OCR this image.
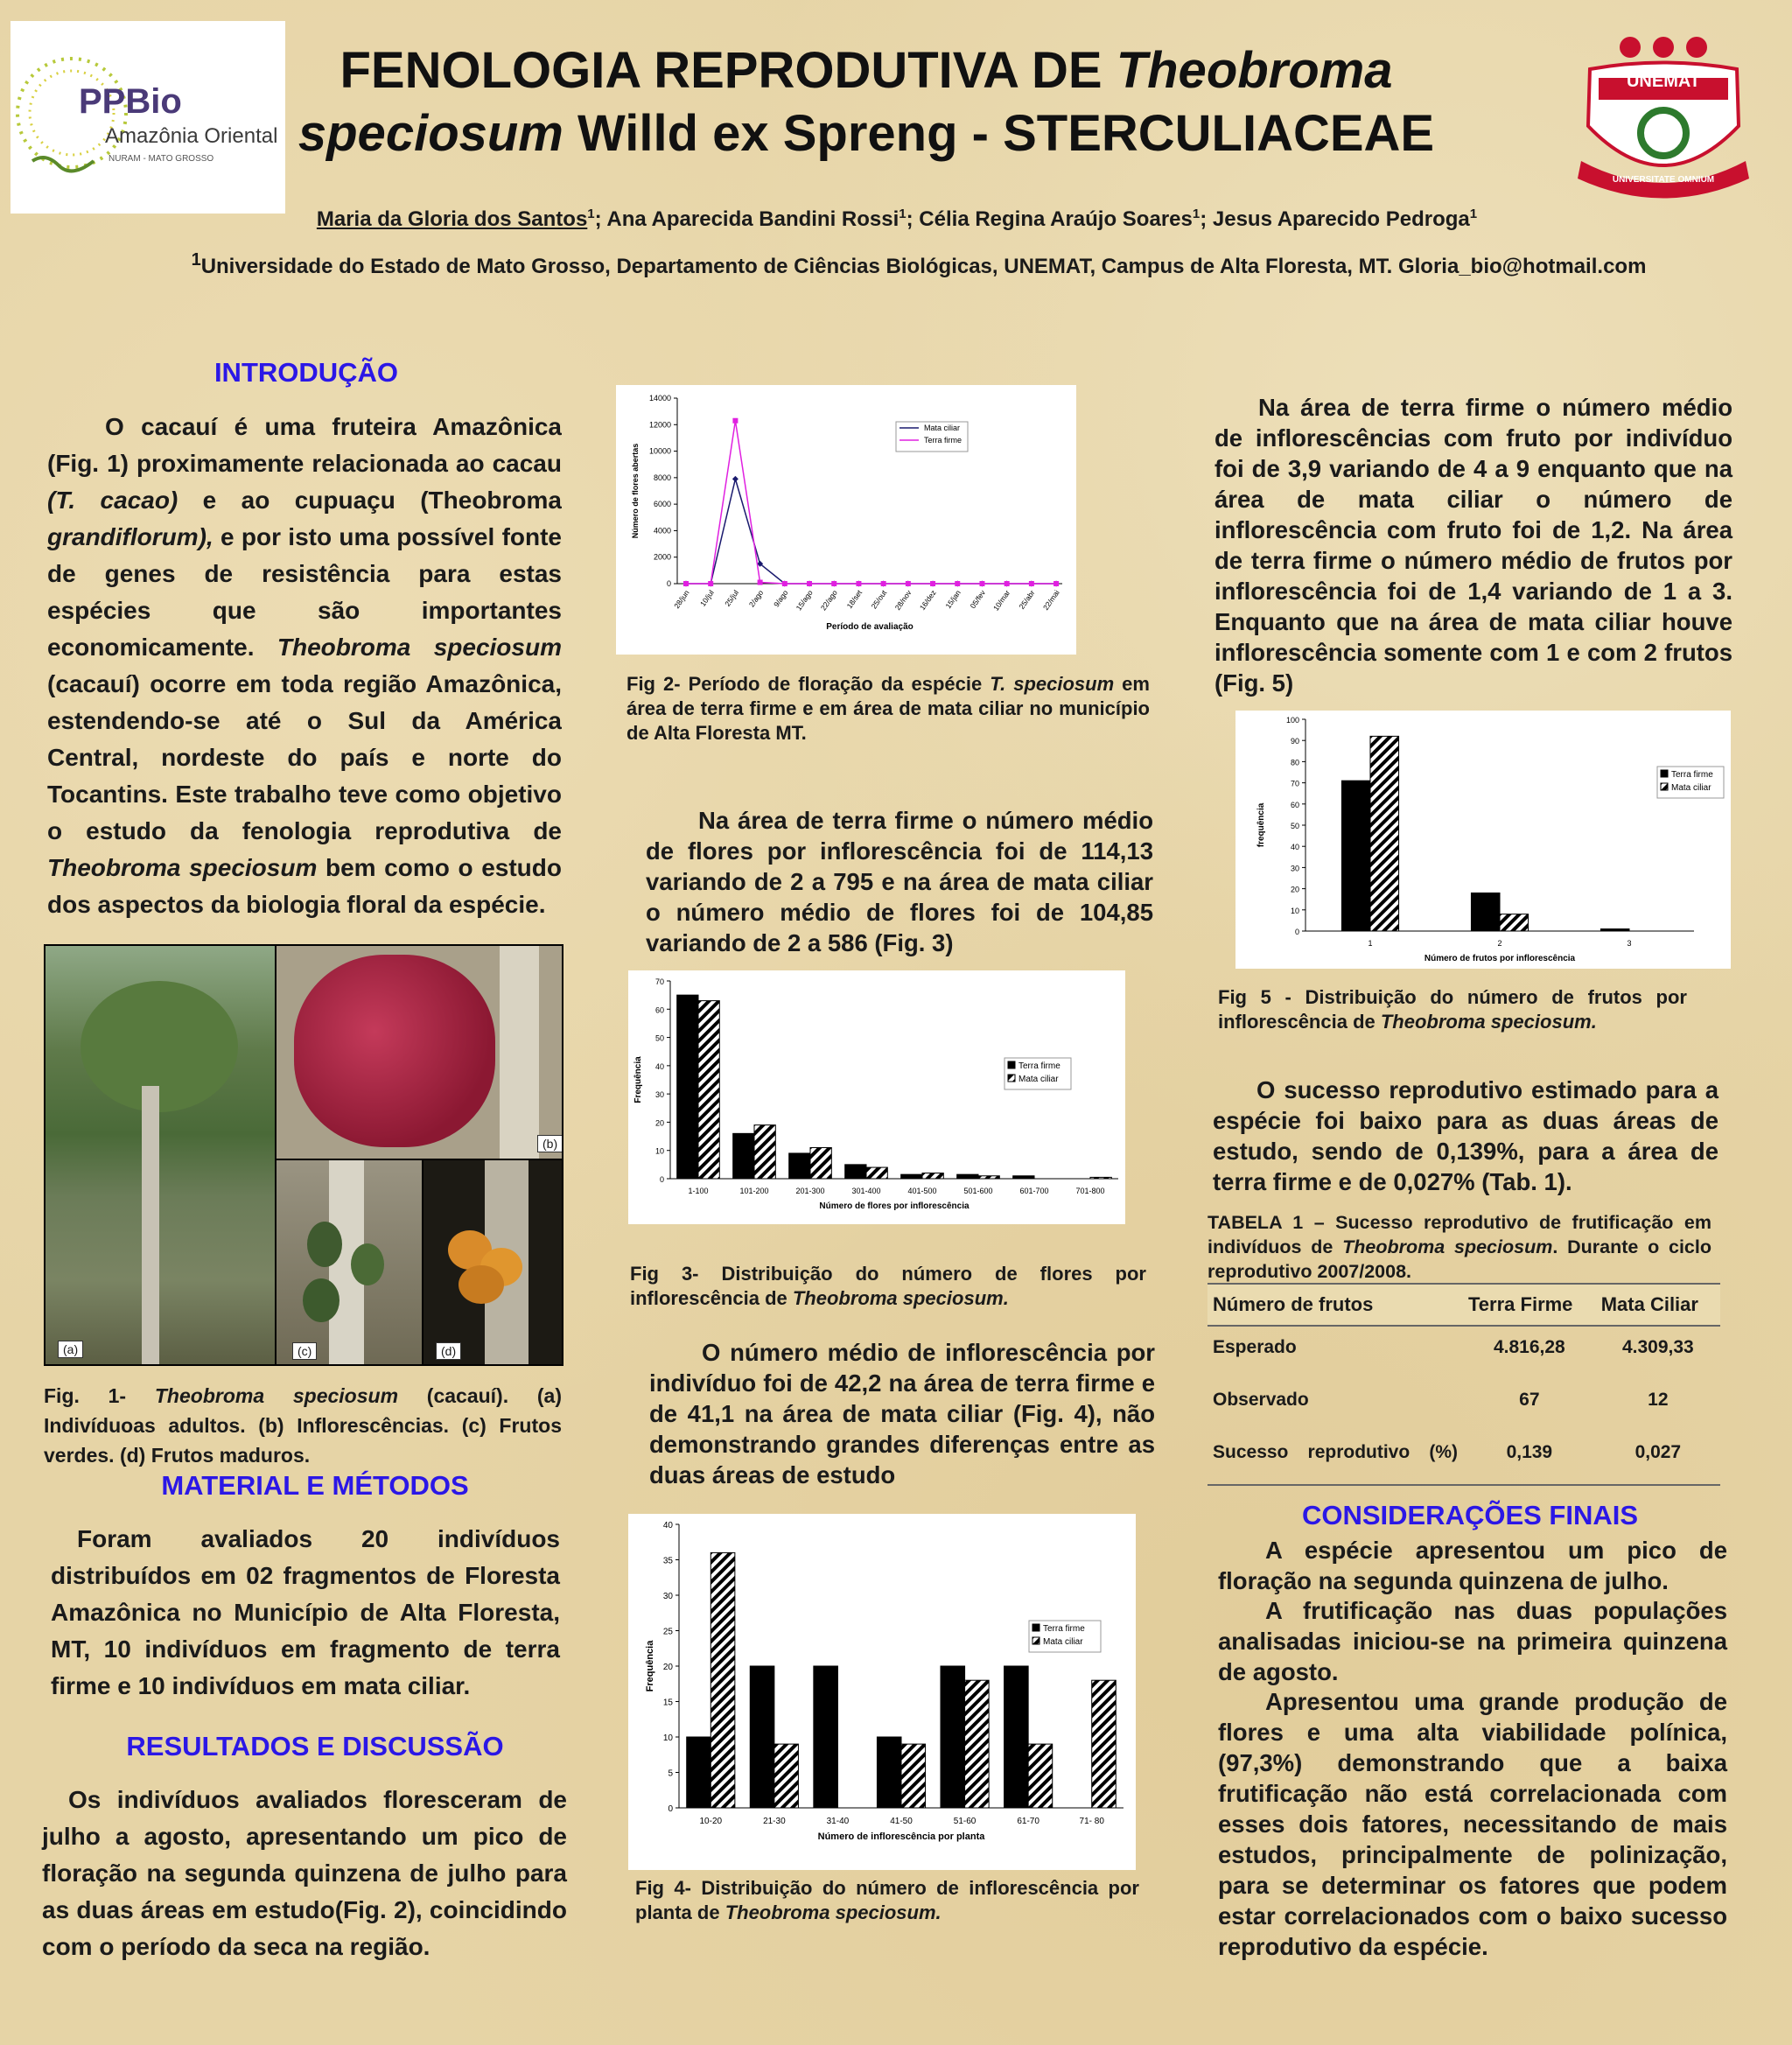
PPBio
Amazônia Oriental
NURAM - MATO GROSSO
UNEMAT
UNIVERSITATE OMNIUM
FENOLOGIA REPRODUTIVA DE Theobroma
speciosum Willd ex Spreng - STERCULIACEAE
Maria da Gloria dos Santos$^1$; Ana Aparecida Bandini Rossi$^1$; Célia Regina Araújo Soares$^1$; Jesus Aparecido Pedroga$^1$
$^1$Universidade do Estado de Mato Grosso, Departamento de Ciências Biológicas, UNEMAT, Campus de Alta Floresta, MT. Gloria_bio@hotmail.com
INTRODUÇÃO
O cacauí é uma fruteira Amazônica (Fig. 1) proximamente relacionada ao cacau (T. cacao) e ao cupuaçu (Theobroma grandiflorum), e por isto uma possível fonte de genes de resistência para estas espécies que são importantes economicamente. Theobroma speciosum (cacauí) ocorre em toda região Amazônica, estendendo-se até o Sul da América Central, nordeste do país e norte do Tocantins. Este trabalho teve como objetivo o estudo da fenologia reprodutiva de Theobroma speciosum bem como o estudo dos aspectos da biologia floral da espécie.
(a)
(b)
(c)	(d)
Fig. 1- Theobroma speciosum (cacauí). (a) Indivíduoas adultos. (b) Inflorescências. (c) Frutos verdes. (d) Frutos maduros.
MATERIAL E MÉTODOS
Foram avaliados 20 indivíduos distribuídos em 02 fragmentos de Floresta Amazônica no Município de Alta Floresta, MT, 10 indivíduos em fragmento de terra firme e 10 indivíduos em mata ciliar.
RESULTADOS E DISCUSSÃO
Os indivíduos avaliados floresceram de julho a agosto, apresentando um pico de floração na segunda quinzena de julho para as duas áreas em estudo(Fig. 2), coincidindo com o período da seca na região.
0
2000
4000
6000
8000
10000
12000
14000
28/jun 10/jul 25/jul 2/ago 9/ago 15/ago 22/ago 18/set 25/out 28/nov 16/dez 15/jan 05/fev 10/mar 25/abr 22/mai
Período de avaliação
Número de flores abertas
Mata ciliar
Terra firme
Fig 2- Período de floração da espécie T. speciosum em área de terra firme e em área de mata ciliar no município de Alta Floresta MT.
Na área de terra firme o número médio de flores por inflorescência foi de 114,13 variando de 2 a 795 e na área de mata ciliar o número médio de flores foi de 104,85 variando de 2 a 586 (Fig. 3)
0
10
20
30
40
50
60
70
1-100	101-200	201-300	301-400	401-500	501-600	601-700	701-800
Número de flores por inflorescência
Frequência	Terra firme
Mata ciliar
Fig 3- Distribuição do número de flores por inflorescência de Theobroma speciosum.
O número médio de inflorescência por indivíduo foi de 42,2 na área de terra firme e de 41,1 na área de mata ciliar (Fig. 4), não demonstrando grandes diferenças entre as duas áreas de estudo
0
5
10
15
20
25
30
35
40
10-20	21-30	31-40	41-50	51-60	61-70	71- 80
Número de inflorescência por planta
Frequência
Terra firme
Mata ciliar
Fig 4- Distribuição do número de inflorescência por planta de Theobroma speciosum.
Na área de terra firme o número médio de inflorescências com fruto por indivíduo foi de 3,9 variando de 4 a 9 enquanto que na área de mata ciliar o número de inflorescência com fruto foi de 1,2. Na área de terra firme o número médio de frutos por inflorescência foi de 1,4 variando de 1 a 3. Enquanto que na área de mata ciliar houve inflorescência somente com 1 e com 2 frutos (Fig. 5)
0
10
20
30
40
50
60
70
80
90
100
1	2	3
Número de frutos por inflorescência
frequência
Terra firme
Mata ciliar
Fig 5 - Distribuição do número de frutos por inflorescência de Theobroma speciosum.
O sucesso reprodutivo estimado para a espécie foi baixo para as duas áreas de estudo, sendo de 0,139%, para a área de terra firme e de 0,027% (Tab. 1).
TABELA 1 – Sucesso reprodutivo de frutificação em indivíduos de Theobroma speciosum. Durante o ciclo reprodutivo 2007/2008.
Número de frutos	Terra Firme	Mata Ciliar
Esperado	4.816,28	4.309,33
Observado	67	12
Sucesso reprodutivo (%)	0,139	0,027
CONSIDERAÇÕES FINAIS
A espécie apresentou um pico de floração na segunda quinzena de julho.
A frutificação nas duas populações analisadas iniciou-se na primeira quinzena de agosto.
Apresentou uma grande produção de flores e uma alta viabilidade polínica, (97,3%) demonstrando que a baixa frutificação não está correlacionada com esses dois fatores, necessitando de mais estudos, principalmente de polinização, para se determinar os fatores que podem estar correlacionados com o baixo sucesso reprodutivo da espécie.
